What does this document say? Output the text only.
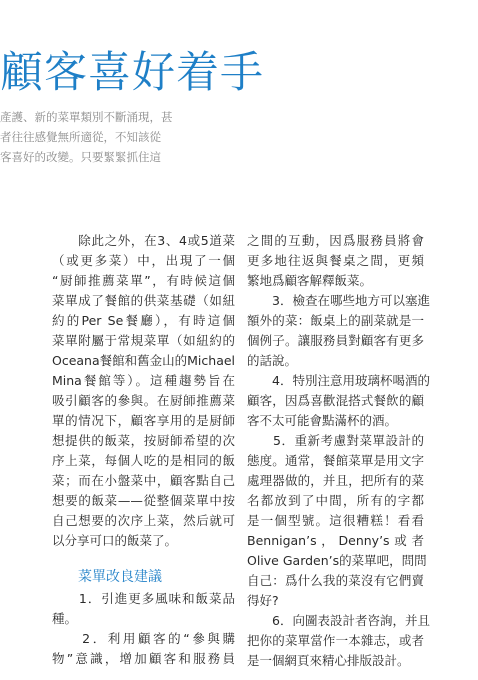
顧客喜好着手
產護、新的菜單類別不斷涌現，甚
者往往感覺無所適從，不知該從
客喜好的改變。只要緊緊抓住這
　　除此之外，在3、4或5道菜
（或更多菜）中，出現了一個
“厨師推薦菜單”，有時候這個
菜單成了餐館的供菜基礎（如紐
約的Per Se餐廳），有時這個
菜單附屬于常規菜單（如紐約的
Oceana餐館和舊金山的Michael
Mina餐館等）。這種趨勢旨在
吸引顧客的參與。在厨師推薦菜
單的情况下，顧客享用的是厨師
想提供的飯菜，按厨師希望的次
序上菜，每個人吃的是相同的飯
菜；而在小盤菜中，顧客點自己
想要的飯菜——從整個菜單中按
自己想要的次序上菜，然后就可
以分享可口的飯菜了。
菜單改良建議
　　1．引進更多風味和飯菜品
種。
　　2．利用顧客的“參與購
物”意識，增加顧客和服務員
之間的互動，因爲服務員將會
更多地往返與餐桌之間，更頻
繁地爲顧客解釋飯菜。
　　3．檢查在哪些地方可以塞進
額外的菜：飯桌上的副菜就是一
個例子。讓服務員對顧客有更多
的話說。
　　4．特別注意用玻璃杯喝酒的
顧客，因爲喜歡混搭式餐飲的顧
客不太可能會點滿杯的酒。
　　5．重新考慮對菜單設計的
態度。通常，餐館菜單是用文字
處理器做的，并且，把所有的菜
名都放到了中間，所有的字都
是一個型號。這很糟糕！看看
Bennigan’s，Denny’s或者
Olive Garden’s的菜單吧，問問
自己：爲什么我的菜沒有它們賣
得好?
　　6．向圖表設計者咨詢，并且
把你的菜單當作一本雜志，或者
是一個網頁來精心排版設計。
